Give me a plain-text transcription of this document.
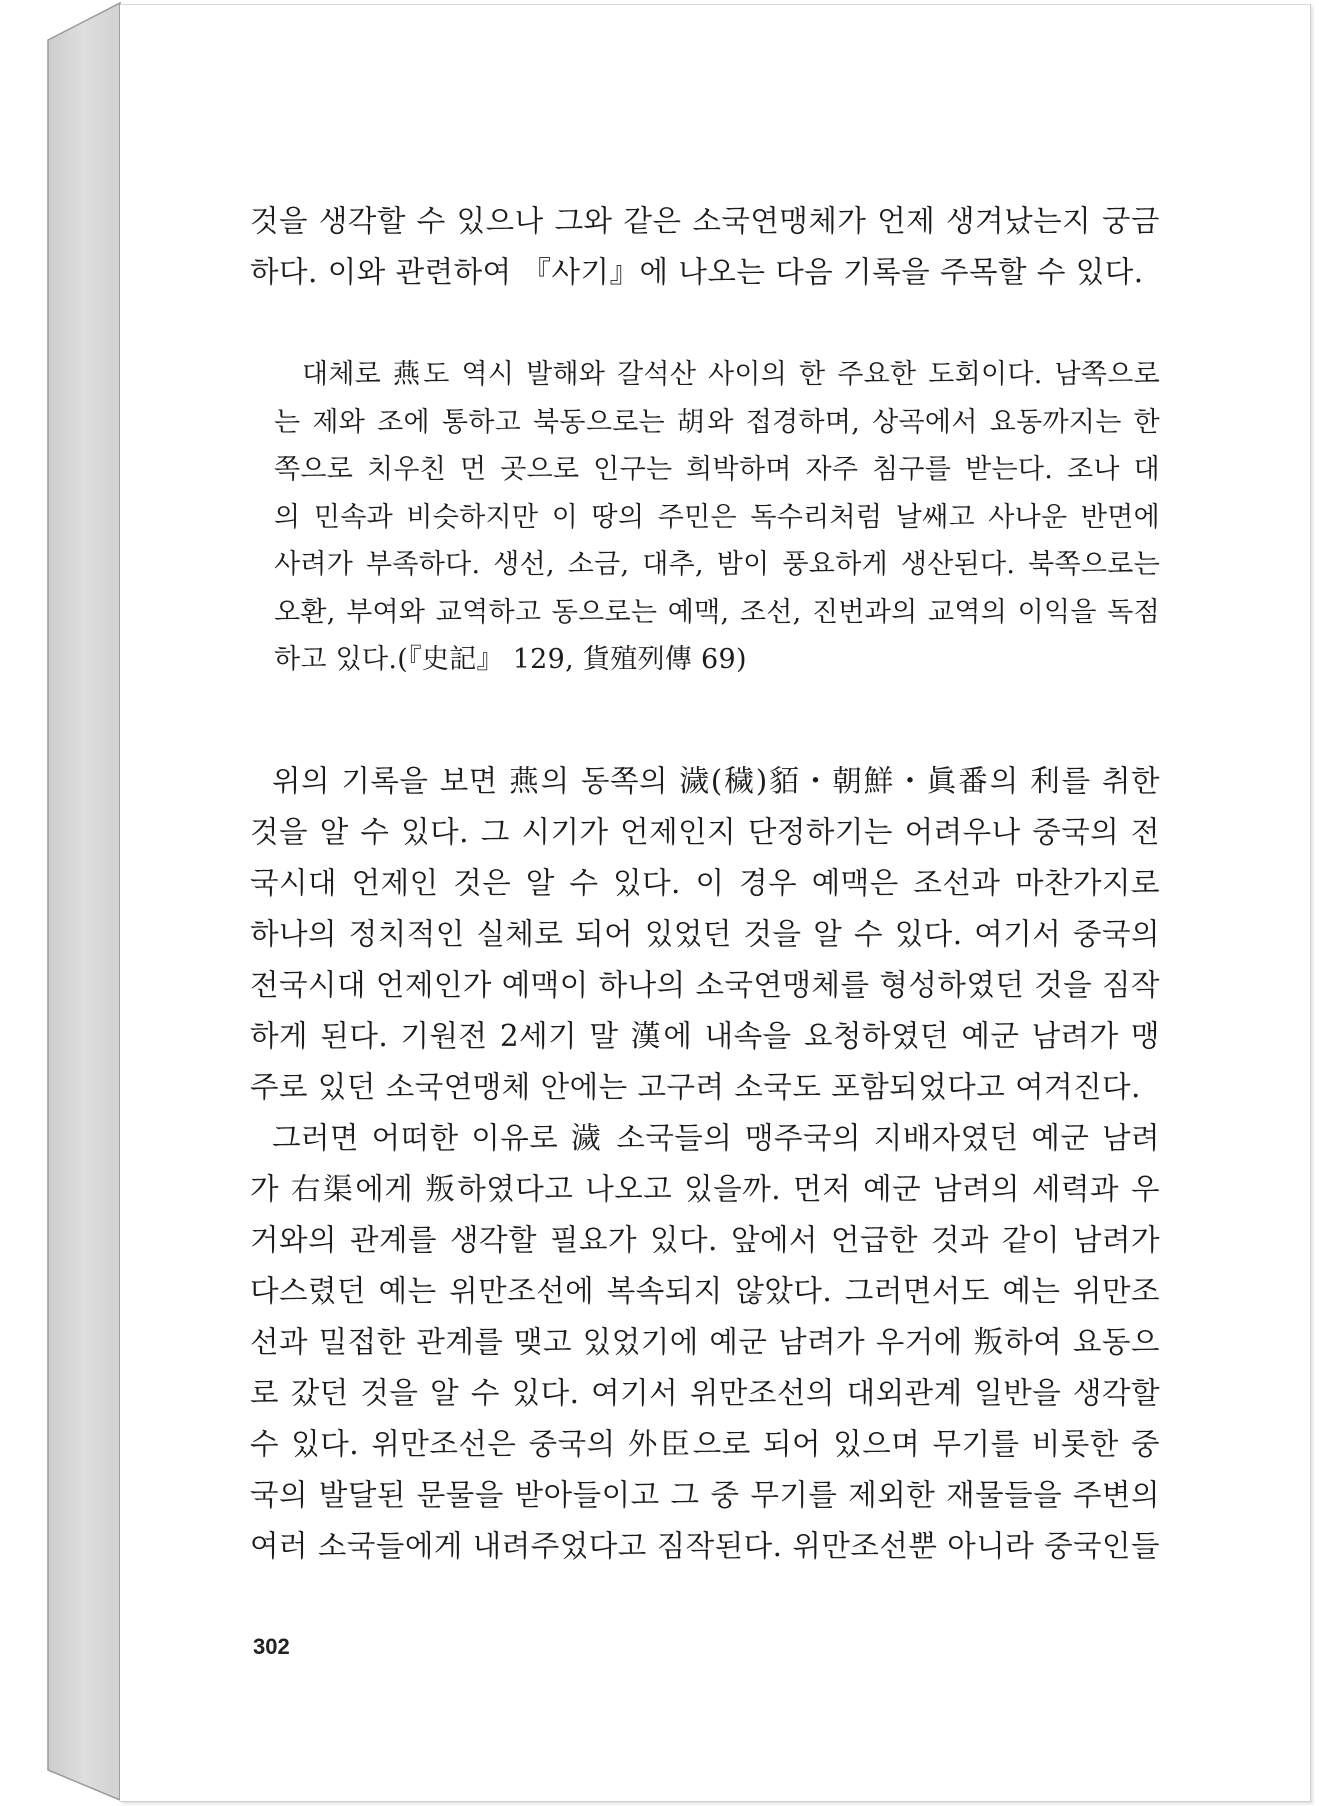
것을 생각할 수 있으나 그와 같은 소국연맹체가 언제 생겨났는지 궁금
하다. 이와 관련하여 『사기』에 나오는 다음 기록을 주목할 수 있다.
대체로 燕도 역시 발해와 갈석산 사이의 한 주요한 도회이다. 남쪽으로
는 제와 조에 통하고 북동으로는 胡와 접경하며, 상곡에서 요동까지는 한
쪽으로 치우친 먼 곳으로 인구는 희박하며 자주 침구를 받는다. 조나 대
의 민속과 비슷하지만 이 땅의 주민은 독수리처럼 날쌔고 사나운 반면에
사려가 부족하다. 생선, 소금, 대추, 밤이 풍요하게 생산된다. 북쪽으로는
오환, 부여와 교역하고 동으로는 예맥, 조선, 진번과의 교역의 이익을 독점
하고 있다.(『史記』 129, 貨殖列傳 69)
위의 기록을 보면 燕의 동쪽의 濊(穢)貊・朝鮮・眞番의 利를 취한
것을 알 수 있다. 그 시기가 언제인지 단정하기는 어려우나 중국의 전
국시대 언제인 것은 알 수 있다. 이 경우 예맥은 조선과 마찬가지로
하나의 정치적인 실체로 되어 있었던 것을 알 수 있다. 여기서 중국의
전국시대 언제인가 예맥이 하나의 소국연맹체를 형성하였던 것을 짐작
하게 된다. 기원전 2세기 말 漢에 내속을 요청하였던 예군 남려가 맹
주로 있던 소국연맹체 안에는 고구려 소국도 포함되었다고 여겨진다.
그러면 어떠한 이유로 濊 소국들의 맹주국의 지배자였던 예군 남려
가 右渠에게 叛하였다고 나오고 있을까. 먼저 예군 남려의 세력과 우
거와의 관계를 생각할 필요가 있다. 앞에서 언급한 것과 같이 남려가
다스렸던 예는 위만조선에 복속되지 않았다. 그러면서도 예는 위만조
선과 밀접한 관계를 맺고 있었기에 예군 남려가 우거에 叛하여 요동으
로 갔던 것을 알 수 있다. 여기서 위만조선의 대외관계 일반을 생각할
수 있다. 위만조선은 중국의 外臣으로 되어 있으며 무기를 비롯한 중
국의 발달된 문물을 받아들이고 그 중 무기를 제외한 재물들을 주변의
여러 소국들에게 내려주었다고 짐작된다. 위만조선뿐 아니라 중국인들
302
